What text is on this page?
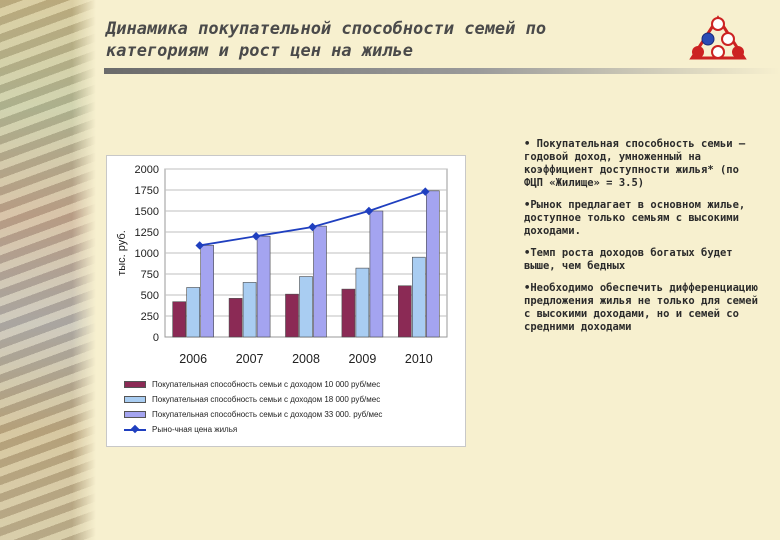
Динамика покупательной способности семей по
категориям и рост цен на жилье
0
250
500
750
1000
1250
1500
1750
2000
тыс. руб.
2006 2007 2008 2009 2010
Покупательная способность семьи с доходом 10 000 руб/мес
Покупательная способность семьи с доходом 18 000 руб/мес
Покупательная способность семьи с доходом 33 000. руб/мес
Рыно-чная цена жилья
• Покупательная способность семьи – годовой доход, умноженный на коэффициент доступности жилья* (по ФЦП «Жилище» = 3.5)
•Рынок предлагает в основном жилье, доступное только семьям с высокими доходами.
•Темп роста доходов богатых будет выше, чем бедных
•Необходимо обеспечить дифференциацию предложения жилья не только для семей с высокими доходами, но и семей со средними доходами
